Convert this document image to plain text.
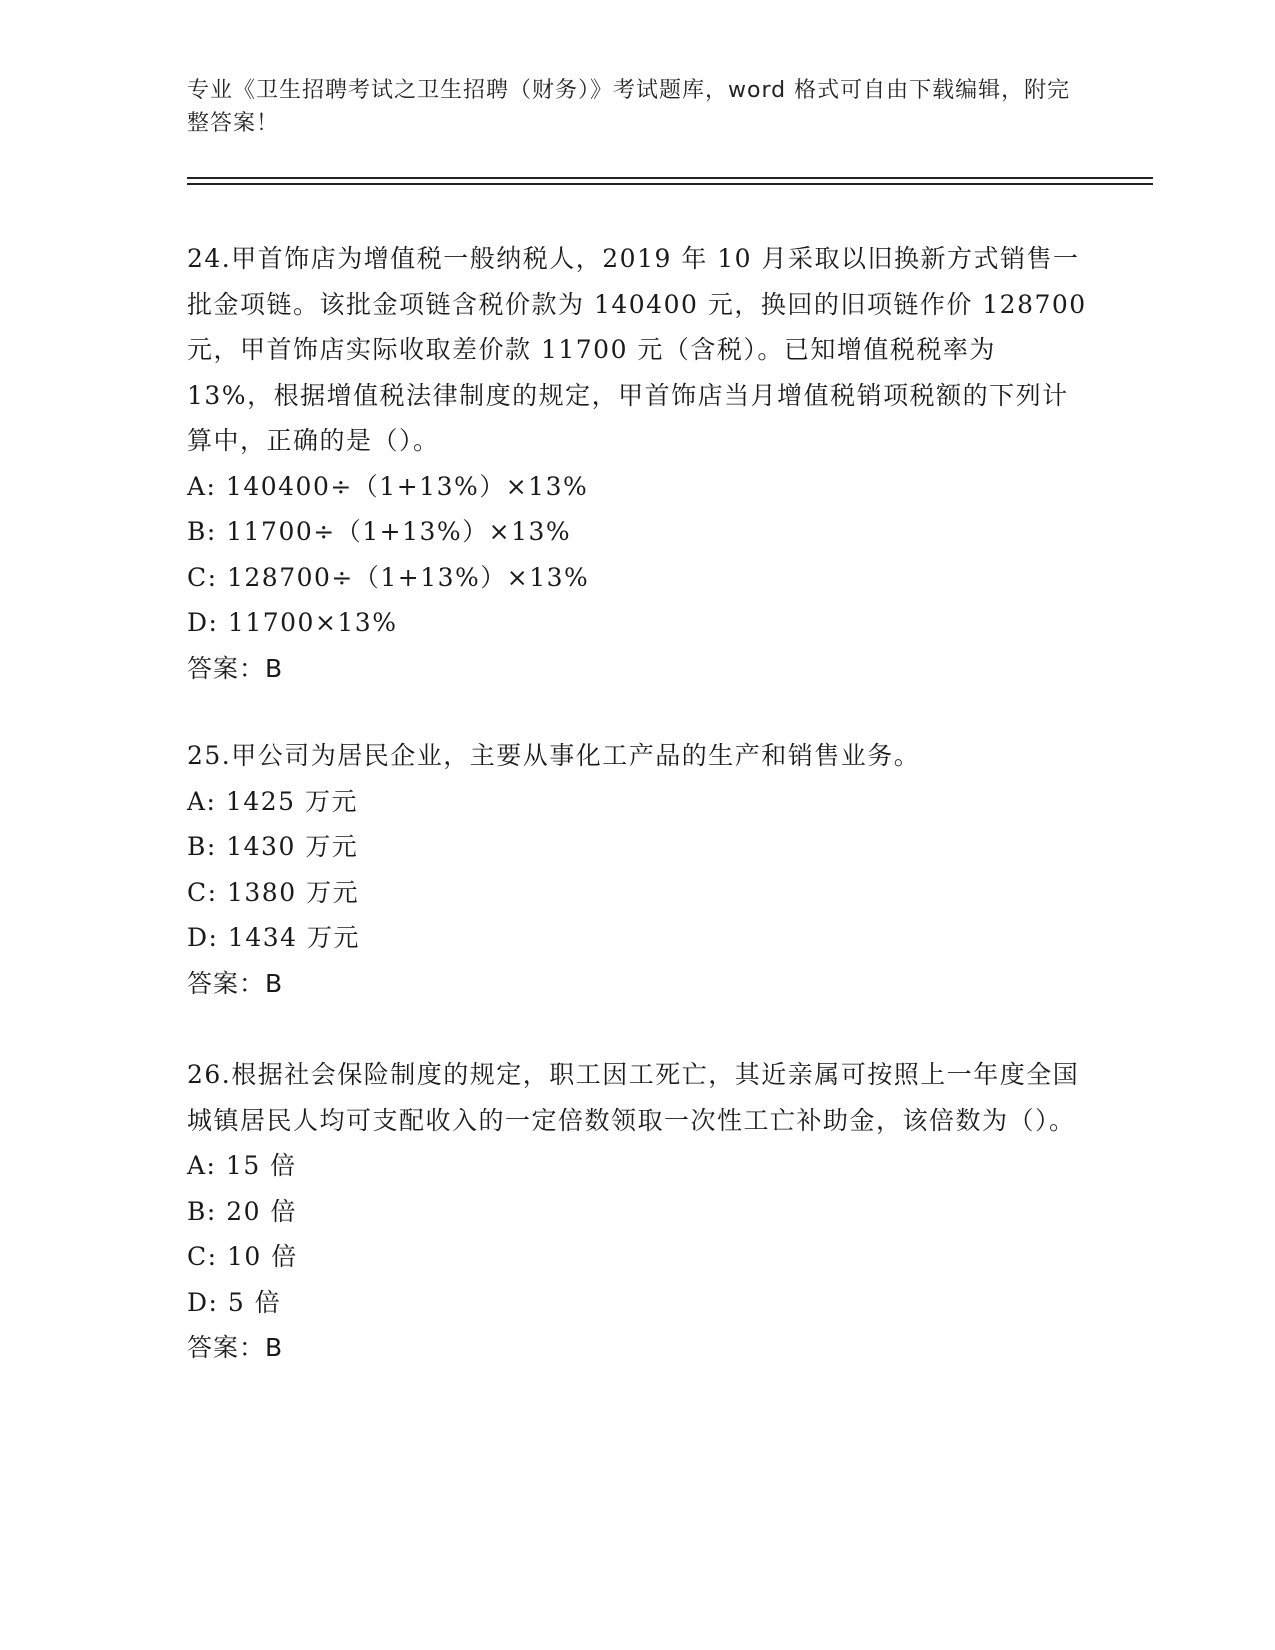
专业《卫生招聘考试之卫生招聘（财务）》考试题库，word 格式可自由下载编辑，附完整答案！

24.甲首饰店为增值税一般纳税人，2019 年 10 月采取以旧换新方式销售一批金项链。该批金项链含税价款为 140400 元，换回的旧项链作价 128700 元，甲首饰店实际收取差价款 11700 元（含税）。已知增值税税率为 13%，根据增值税法律制度的规定，甲首饰店当月增值税销项税额的下列计算中，正确的是（）。

A: 140400÷（1+13%）×13%

B: 11700÷（1+13%）×13%

C: 128700÷（1+13%）×13%

D: 11700×13%

答案：B

25.甲公司为居民企业，主要从事化工产品的生产和销售业务。

A: 1425 万元

B: 1430 万元

C: 1380 万元

D: 1434 万元

答案：B

26.根据社会保险制度的规定，职工因工死亡，其近亲属可按照上一年度全国城镇居民人均可支配收入的一定倍数领取一次性工亡补助金，该倍数为（）。

A: 15 倍

B: 20 倍

C: 10 倍

D: 5 倍

答案：B
